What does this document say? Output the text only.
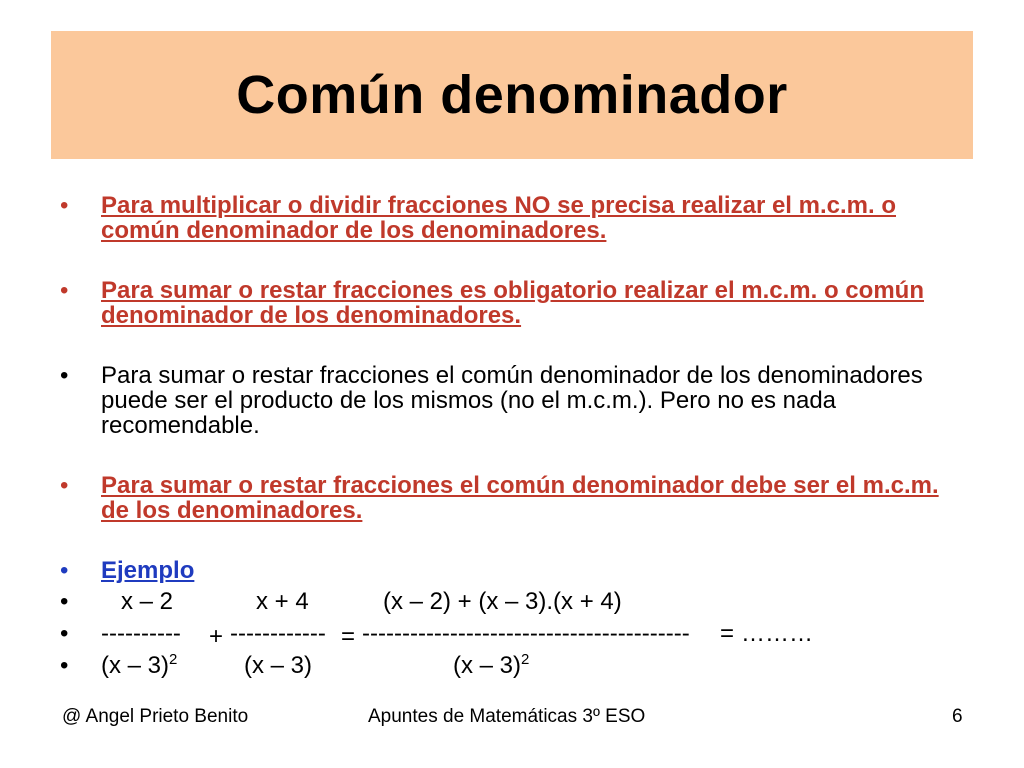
Común denominador
• Para multiplicar o dividir fracciones NO se precisa realizar el m.c.m. o común denominador de los denominadores.
• Para sumar o restar fracciones es obligatorio realizar el m.c.m. o común denominador de los denominadores.
• Para sumar o restar fracciones el común denominador de los denominadores puede ser el producto de los mismos (no el m.c.m.). Pero no es nada recomendable.
• Para sumar o restar fracciones el común denominador debe ser el m.c.m. de los denominadores.
• Ejemplo
• x – 2	x + 4	(x – 2) + (x – 3).(x + 4)
• ---------- + ------------ = ----------------------------------------- = ………
• (x – 3)$^2$	(x – 3)	(x – 3)$^2$
@ Angel Prieto Benito	Apuntes de Matemáticas 3º ESO	6
